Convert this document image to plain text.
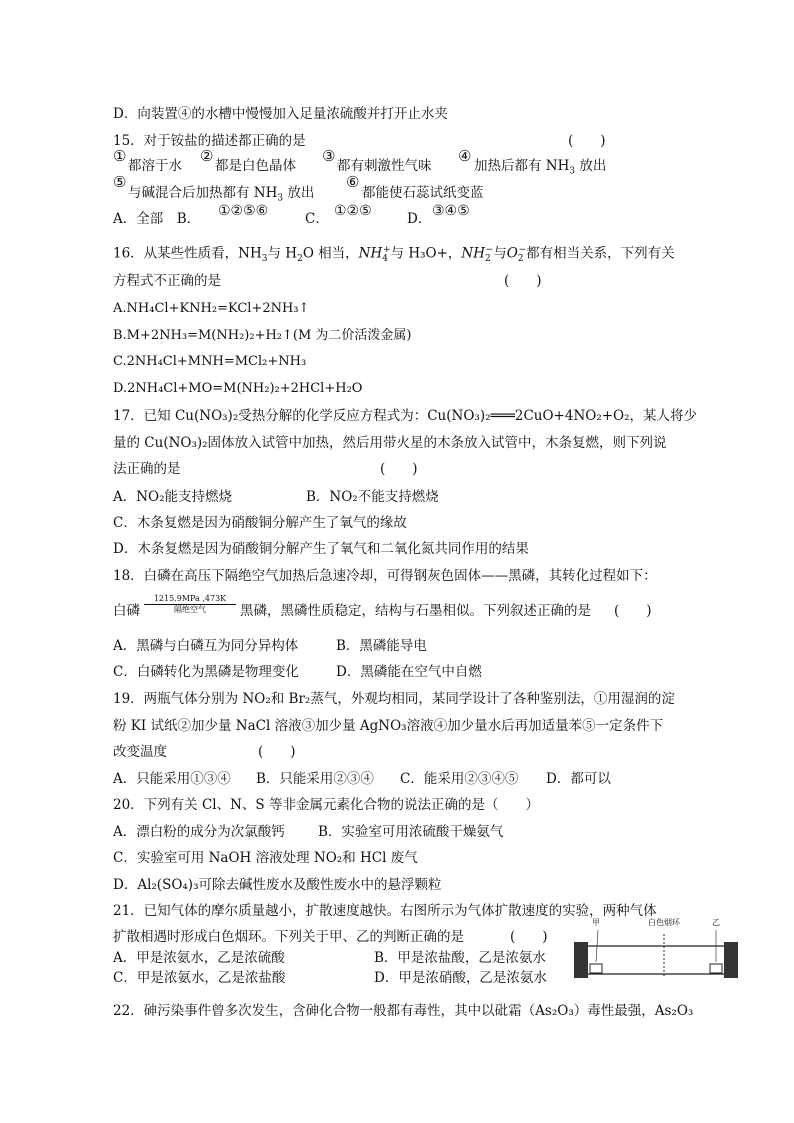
D．向装置④的水槽中慢慢加入足量浓硫酸并打开止水夹
15．对于铵盐的描述都正确的是	(　　)
①
都溶于水
②
都是白色晶体
③
都有刺激性气味
④
加热后都有 $NH_3$ 放出
⑤
与碱混合后加热都有 $NH_3$ 放出
⑥
都能使石蕊试纸变蓝
A．全部　B． ①②⑤⑥	C． ①②⑤	D． ③④⑤
16．从某些性质看，$NH_3$与 $H_2O$ 相当，$NH_4^+$与 H₃O+，$NH_2^-$与$O_2^-$都有相当关系，下列有关
方程式不正确的是	(　　)
A.NH₄Cl+KNH₂=KCl+2NH₃↑
B.M+2NH₃=M(NH₂)₂+H₂↑(M 为二价活泼金属)
C.2NH₄Cl+MNH=MCl₂+NH₃
D.2NH₄Cl+MO=M(NH₂)₂+2HCl+H₂O
17．已知 Cu(NO₃)₂受热分解的化学反应方程式为：Cu(NO₃)₂═══2CuO+4NO₂+O₂，某人将少
量的 Cu(NO₃)₂固体放入试管中加热，然后用带火星的木条放入试管中，木条复燃，则下列说
法正确的是	(　　)
A．NO₂能支持燃烧	B．NO₂不能支持燃烧
C．木条复燃是因为硝酸铜分解产生了氧气的缘故
D．木条复燃是因为硝酸铜分解产生了氧气和二氧化氮共同作用的结果
18．白磷在高压下隔绝空气加热后急速冷却，可得钢灰色固体——黑磷，其转化过程如下：
白磷
1215.9MPa ,473K
隔绝空气	黑磷，黑磷性质稳定，结构与石墨相似。下列叙述正确的是 (　　)
A．黑磷与白磷互为同分异构体	B．黑磷能导电
C．白磷转化为黑磷是物理变化	D．黑磷能在空气中自燃
19．两瓶气体分别为 NO₂和 Br₂蒸气，外观均相同，某同学设计了各种鉴别法，①用湿润的淀
粉 KI 试纸②加少量 NaCl 溶液③加少量 AgNO₃溶液④加少量水后再加适量苯⑤一定条件下
改变温度	(　　)
A．只能采用①③④ B．只能采用②③④ C．能采用②③④⑤ D．都可以
20．下列有关 Cl、N、S 等非金属元素化合物的说法正确的是（　　）
A．漂白粉的成分为次氯酸钙 B．实验室可用浓硫酸干燥氨气
C．实验室可用 NaOH 溶液处理 NO₂和 HCl 废气
D．Al₂(SO₄)₃可除去碱性废水及酸性废水中的悬浮颗粒
21．已知气体的摩尔质量越小，扩散速度越快。右图所示为气体扩散速度的实验，两种气体
扩散相遇时形成白色烟环。下列关于甲、乙的判断正确的是	(　　)
A．甲是浓氨水，乙是浓硫酸	B．甲是浓盐酸，乙是浓氨水
C．甲是浓氨水，乙是浓盐酸	D．甲是浓硝酸，乙是浓氨水
甲	白色烟环	乙
22．砷污染事件曾多次发生，含砷化合物一般都有毒性，其中以砒霜（As₂O₃）毒性最强，As₂O₃
